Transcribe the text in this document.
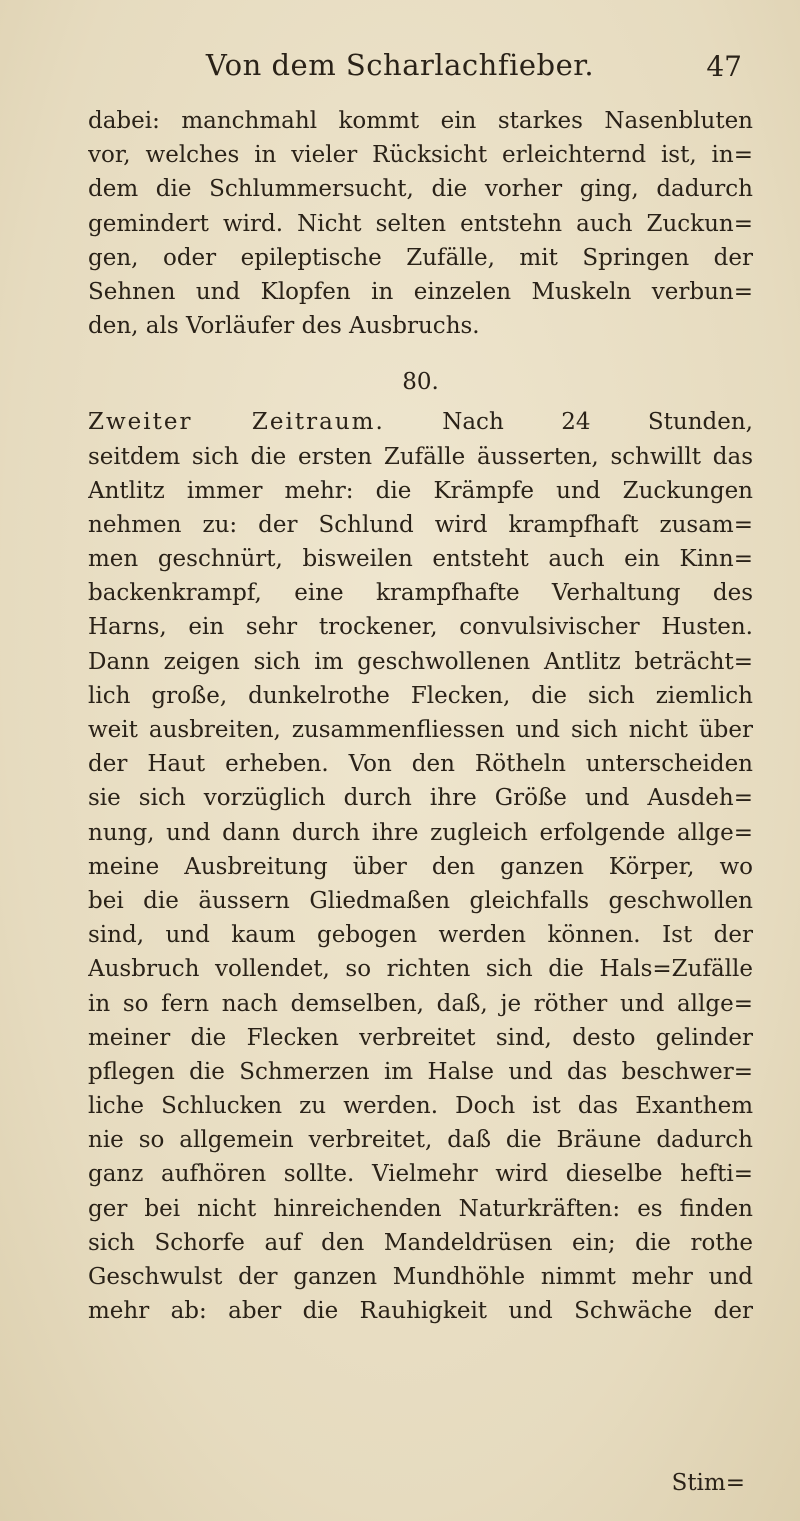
Von dem Scharlachfieber.	47
dabei: manchmahl kommt ein starkes Nasenbluten
vor, welches in vieler Rücksicht erleichternd ist, in=
dem die Schlummersucht, die vorher ging, dadurch
gemindert wird. Nicht selten entstehn auch Zuckun=
gen, oder epileptische Zufälle, mit Springen der
Sehnen und Klopfen in einzelen Muskeln verbun=
den, als Vorläufer des Ausbruchs.
80.
Zweiter Zeitraum. Nach 24 Stunden,
seitdem sich die ersten Zufälle äusserten, schwillt das
Antlitz immer mehr: die Krämpfe und Zuckungen
nehmen zu: der Schlund wird krampfhaft zusam=
men geschnürt, bisweilen entsteht auch ein Kinn=
backenkrampf, eine krampfhafte Verhaltung des
Harns, ein sehr trockener, convulsivischer Husten.
Dann zeigen sich im geschwollenen Antlitz beträcht=
lich große, dunkelrothe Flecken, die sich ziemlich
weit ausbreiten, zusammenfliessen und sich nicht über
der Haut erheben. Von den Rötheln unterscheiden
sie sich vorzüglich durch ihre Größe und Ausdeh=
nung, und dann durch ihre zugleich erfolgende allge=
meine Ausbreitung über den ganzen Körper, wo
bei die äussern Gliedmaßen gleichfalls geschwollen
sind, und kaum gebogen werden können. Ist der
Ausbruch vollendet, so richten sich die Hals=Zufälle
in so fern nach demselben, daß, je röther und allge=
meiner die Flecken verbreitet sind, desto gelinder
pflegen die Schmerzen im Halse und das beschwer=
liche Schlucken zu werden. Doch ist das Exanthem
nie so allgemein verbreitet, daß die Bräune dadurch
ganz aufhören sollte. Vielmehr wird dieselbe hefti=
ger bei nicht hinreichenden Naturkräften: es finden
sich Schorfe auf den Mandeldrüsen ein; die rothe
Geschwulst der ganzen Mundhöhle nimmt mehr und
mehr ab: aber die Rauhigkeit und Schwäche der
Stim=
